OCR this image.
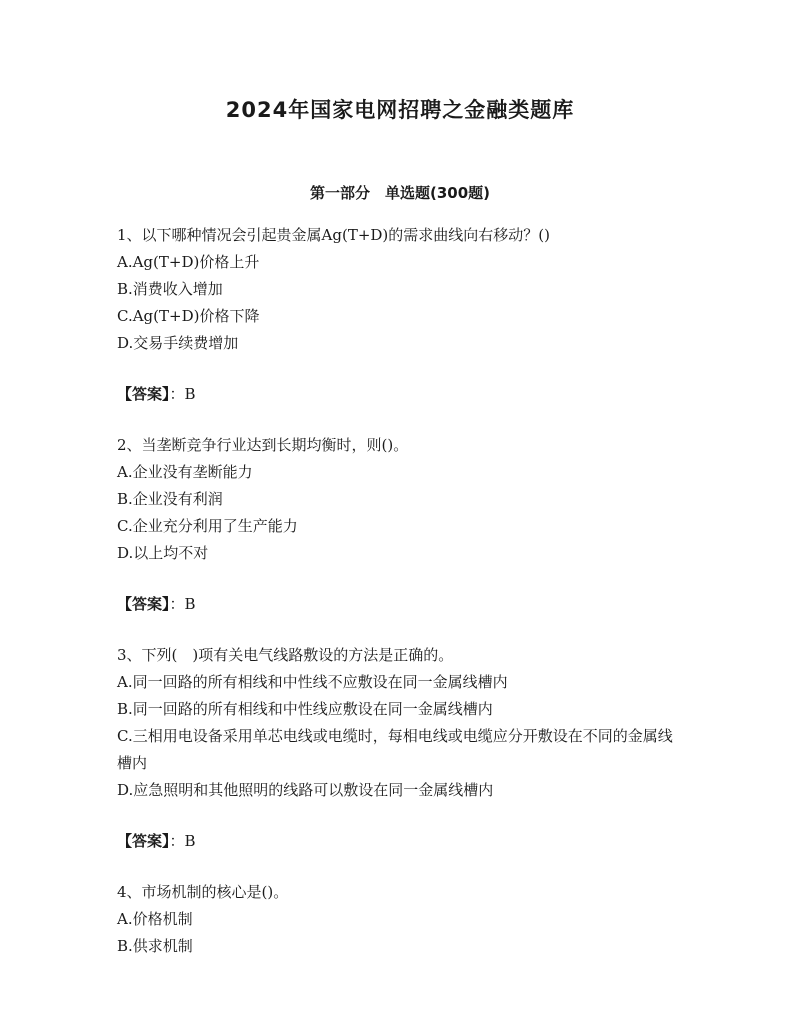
2024年国家电网招聘之金融类题库
第一部分　单选题(300题)
1、以下哪种情况会引起贵金属Ag(T+D)的需求曲线向右移动？()
A.Ag(T+D)价格上升
B.消费收入增加
C.Ag(T+D)价格下降
D.交易手续费增加
【答案】：B
2、当垄断竞争行业达到长期均衡时，则()。
A.企业没有垄断能力
B.企业没有利润
C.企业充分利用了生产能力
D.以上均不对
【答案】：B
3、下列(　)项有关电气线路敷设的方法是正确的。
A.同一回路的所有相线和中性线不应敷设在同一金属线槽内
B.同一回路的所有相线和中性线应敷设在同一金属线槽内
C.三相用电设备采用单芯电线或电缆时，每相电线或电缆应分开敷设在不同的金属线槽内
D.应急照明和其他照明的线路可以敷设在同一金属线槽内
【答案】：B
4、市场机制的核心是()。
A.价格机制
B.供求机制
